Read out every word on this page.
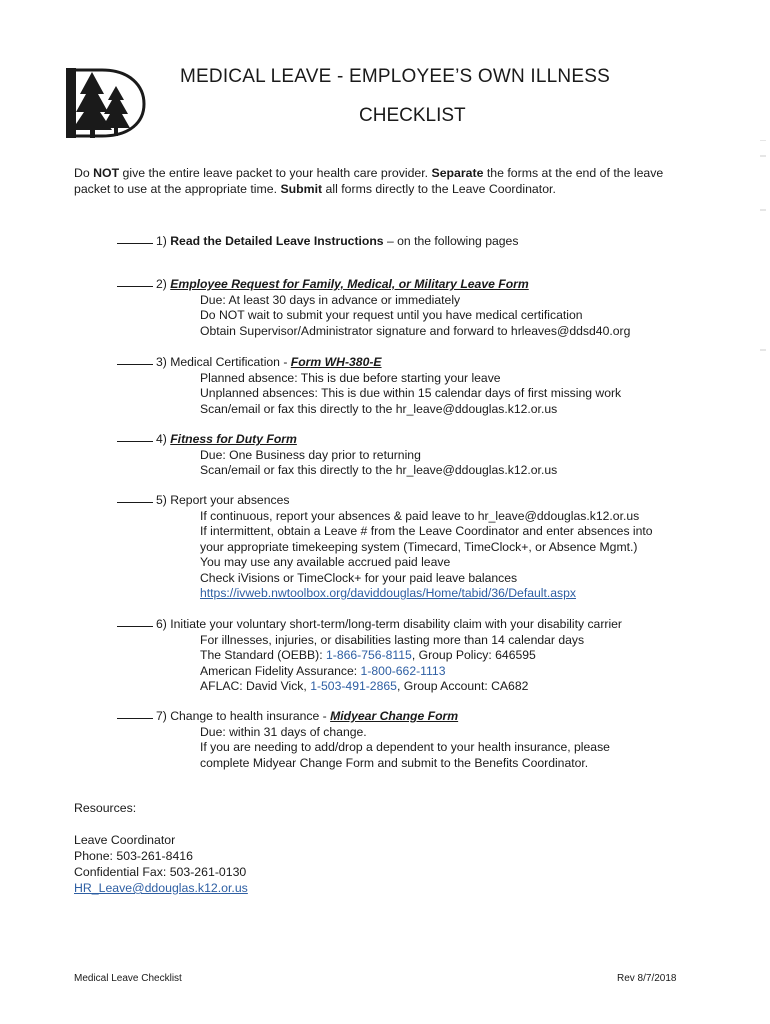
MEDICAL LEAVE - EMPLOYEE’S OWN ILLNESS
CHECKLIST
Do NOT give the entire leave packet to your health care provider. Separate the forms at the end of the leave packet to use at the appropriate time. Submit all forms directly to the Leave Coordinator.
1) Read the Detailed Leave Instructions – on the following pages
2) Employee Request for Family, Medical, or Military Leave Form
Due: At least 30 days in advance or immediately
Do NOT wait to submit your request until you have medical certification
Obtain Supervisor/Administrator signature and forward to hrleaves@ddsd40.org
3) Medical Certification - Form WH-380-E
Planned absence: This is due before starting your leave
Unplanned absences: This is due within 15 calendar days of first missing work
Scan/email or fax this directly to the hr_leave@ddouglas.k12.or.us
4) Fitness for Duty Form
Due: One Business day prior to returning
Scan/email or fax this directly to the hr_leave@ddouglas.k12.or.us
5) Report your absences
If continuous, report your absences & paid leave to hr_leave@ddouglas.k12.or.us
If intermittent, obtain a Leave # from the Leave Coordinator and enter absences into
your appropriate timekeeping system (Timecard, TimeClock+, or Absence Mgmt.)
You may use any available accrued paid leave
Check iVisions or TimeClock+ for your paid leave balances
https://ivweb.nwtoolbox.org/daviddouglas/Home/tabid/36/Default.aspx
6) Initiate your voluntary short-term/long-term disability claim with your disability carrier
For illnesses, injuries, or disabilities lasting more than 14 calendar days
The Standard (OEBB): 1-866-756-8115, Group Policy: 646595
American Fidelity Assurance: 1-800-662-1113
AFLAC: David Vick, 1-503-491-2865, Group Account: CA682
7) Change to health insurance - Midyear Change Form
Due: within 31 days of change.
If you are needing to add/drop a dependent to your health insurance, please
complete Midyear Change Form and submit to the Benefits Coordinator.
Resources:
Leave Coordinator
Phone: 503-261-8416
Confidential Fax: 503-261-0130
HR_Leave@ddouglas.k12.or.us
Medical Leave Checklist	Rev 8/7/2018
